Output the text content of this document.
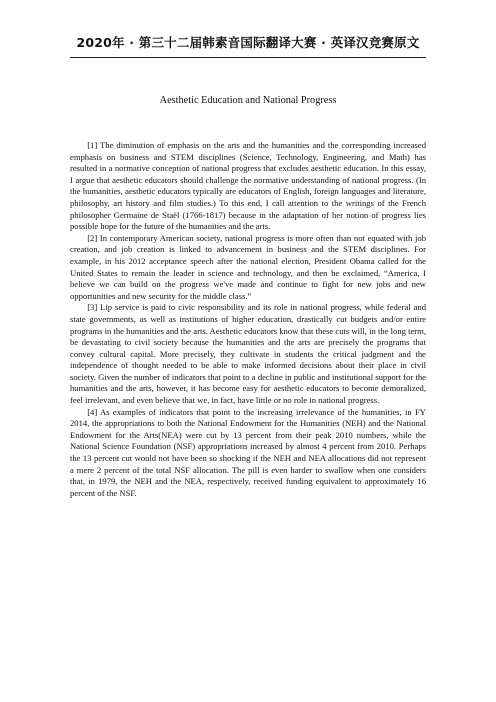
2020年 · 第三十二届韩素音国际翻译大赛 · 英译汉竞赛原文
Aesthetic Education and National Progress

[1] The diminution of emphasis on the arts and the humanities and the corresponding increased emphasis on business and STEM disciplines (Science, Technology, Engineering, and Math) has resulted in a normative conception of national progress that excludes aesthetic education. In this essay, I argue that aesthetic educators should challenge the normative understanding of national progress. (In the humanities, aesthetic educators typically are educators of English, foreign languages and literature, philosophy, art history and film studies.) To this end, I call attention to the writings of the French philosopher Germaine de Staël (1766-1817) because in the adaptation of her notion of progress lies possible hope for the future of the humanities and the arts.

[2] In contemporary American society, national progress is more often than not equated with job creation, and job creation is linked to advancement in business and the STEM disciplines. For example, in his 2012 acceptance speech after the national election, President Obama called for the United States to remain the leader in science and technology, and then he exclaimed, “America, I believe we can build on the progress we've made and continue to fight for new jobs and new opportunities and new security for the middle class.”

[3] Lip service is paid to civic responsibility and its role in national progress, while federal and state governments, as well as institutions of higher education, drastically cut budgets and/or entire programs in the humanities and the arts. Aesthetic educators know that these cuts will, in the long term, be devastating to civil society because the humanities and the arts are precisely the programs that convey cultural capital. More precisely, they cultivate in students the critical judgment and the independence of thought needed to be able to make informed decisions about their place in civil society. Given the number of indicators that point to a decline in public and institutional support for the humanities and the arts, however, it has become easy for aesthetic educators to become demoralized, feel irrelevant, and even believe that we, in fact, have little or no role in national progress.

[4] As examples of indicators that point to the increasing irrelevance of the humanities, in FY 2014, the appropriations to both the National Endowment for the Humanities (NEH) and the National Endowment for the Arts(NEA) were cut by 13 percent from their peak 2010 numbers, while the National Science Foundation (NSF) appropriations increased by almost 4 percent from 2010. Perhaps the 13 percent cut would not have been so shocking if the NEH and NEA allocations did not represent a mere 2 percent of the total NSF allocation. The pill is even harder to swallow when one considers that, in 1979, the NEH and the NEA, respectively, received funding equivalent to approximately 16 percent of the NSF.
